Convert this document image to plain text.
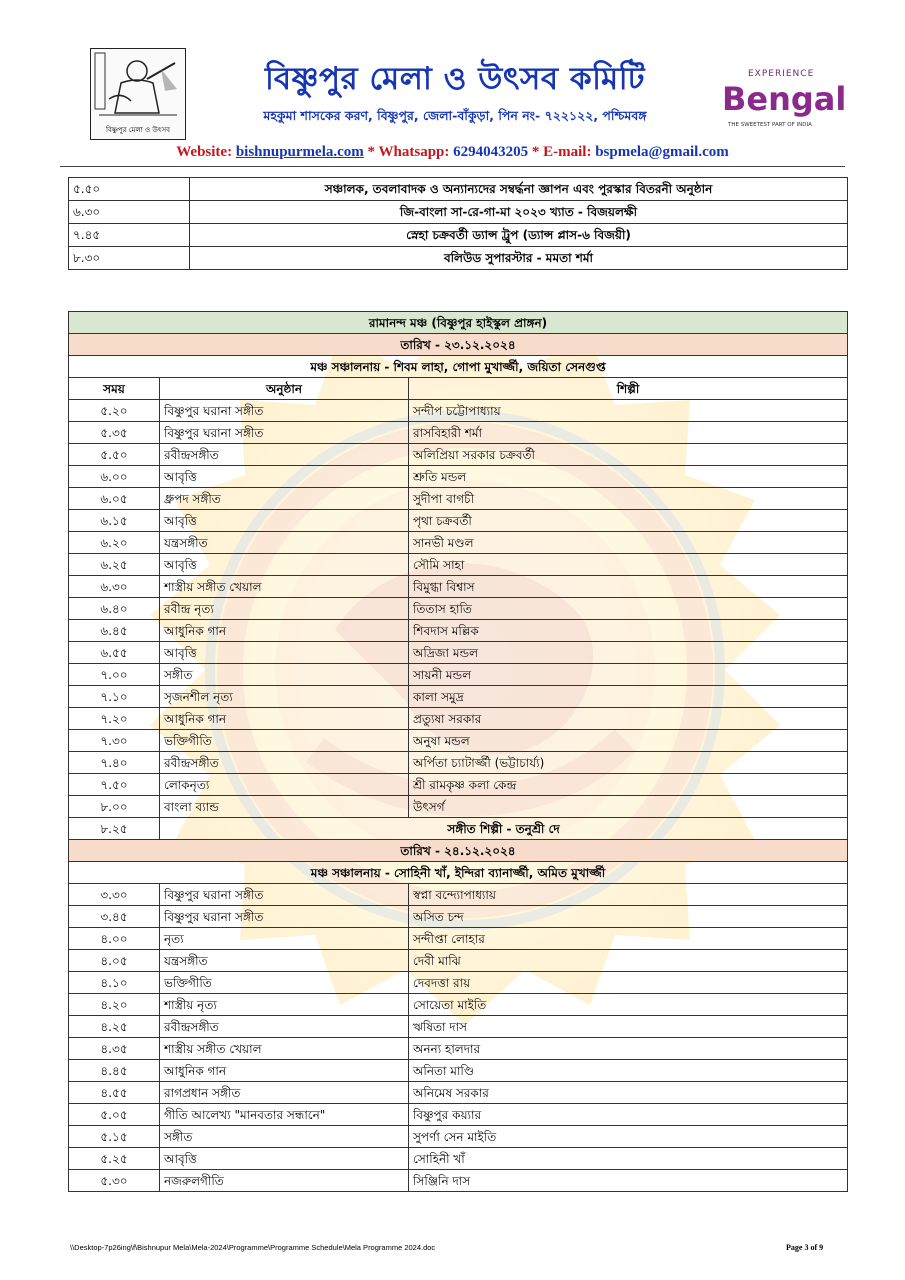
বিষ্ণুপুর মেলা ও উৎসব
বিষ্ণুপুর মেলা ও উৎসব কমিটি
মহকুমা শাসকের করণ, বিষ্ণুপুর, জেলা-বাঁকুড়া, পিন নং- ৭২২১২২, পশ্চিমবঙ্গ
EXPERIENCE
Bengal
THE SWEETEST PART OF INDIA
Website: bishnupurmela.com * Whatsapp: 6294043205 * E-mail: bspmela@gmail.com
৫.৫০	সঞ্চালক, তবলাবাদক ও অন্যান্যদের সম্বর্দ্ধনা জ্ঞাপন এবং পুরস্কার বিতরনী অনুষ্ঠান
৬.৩০	জি-বাংলা সা-রে-গা-মা ২০২৩ খ্যাত - বিজয়লক্ষী
৭.৪৫	স্নেহা চক্রবর্তী ড্যান্স ট্রুপ (ড্যান্স প্লাস-৬ বিজয়ী)
৮.৩০	বলিউড সুপারস্টার - মমতা শর্মা
রামানন্দ মঞ্চ (বিষ্ণুপুর হাইস্কুল প্রাঙ্গন)		
তারিখ - ২৩.১২.২০২৪		
মঞ্চ সঞ্চালনায় - শিবম লাহা, গোপা মুখার্জ্জী, জয়িতা সেনগুপ্ত		
সময়	অনুষ্ঠান	শিল্পী
৫.২০	বিষ্ণুপুর ঘরানা সঙ্গীত	সন্দীপ চট্টোপাধ্যায়
৫.৩৫	বিষ্ণুপুর ঘরানা সঙ্গীত	রাসবিহারী শর্মা
৫.৫০	রবীন্দ্রসঙ্গীত	অলিপ্রিয়া সরকার চক্রবর্তী
৬.০০	আবৃত্তি	শ্রুতি মন্ডল
৬.০৫	ধ্রুপদ সঙ্গীত	সুদীপা বাগচী
৬.১৫	আবৃত্তি	পৃথা চক্রবর্তী
৬.২০	যন্ত্রসঙ্গীত	সানভী মণ্ডল
৬.২৫	আবৃত্তি	সৌমি সাহা
৬.৩০	শাস্ত্রীয় সঙ্গীত খেয়াল	বিমুগ্ধা বিশ্বাস
৬.৪০	রবীন্দ্র নৃত্য	তিতাস হাতি
৬.৪৫	আধুনিক গান	শিবদাস মল্লিক
৬.৫৫	আবৃত্তি	অদ্রিজা মন্ডল
৭.০০	সঙ্গীত	সায়নী মন্ডল
৭.১০	সৃজনশীল নৃত্য	কালা সমুদ্র
৭.২০	আধুনিক গান	প্রত্যুষা সরকার
৭.৩০	ভক্তিগীতি	অনুষা মন্ডল
৭.৪০	রবীন্দ্রসঙ্গীত	অর্পিতা চ্যাটার্জ্জী (ভট্টাচার্য্য)
৭.৫০	লোকনৃত্য	শ্রী রামকৃষ্ণ কলা কেন্দ্র
৮.০০	বাংলা ব্যান্ড	উৎসর্গ
৮.২৫	সঙ্গীত শিল্পী - তনুশ্রী দে	
তারিখ - ২৪.১২.২০২৪		
মঞ্চ সঞ্চালনায় - সোহিনী খাঁ, ইন্দিরা ব্যানার্জ্জী, অমিত মুখার্জ্জী		
৩.৩০	বিষ্ণুপুর ঘরানা সঙ্গীত	স্বপ্না বন্দ্যোপাধ্যায়
৩.৪৫	বিষ্ণুপুর ঘরানা সঙ্গীত	অসিত চন্দ
৪.০০	নৃত্য	সন্দীপ্তা লোহার
৪.০৫	যন্ত্রসঙ্গীত	দেবী মাঝি
৪.১০	ভক্তিগীতি	দেবদত্তা রায়
৪.২০	শাস্ত্রীয় নৃত্য	সোয়েতা মাইতি
৪.২৫	রবীন্দ্রসঙ্গীত	ঋষিতা দাস
৪.৩৫	শাস্ত্রীয় সঙ্গীত খেয়াল	অনন্য হালদার
৪.৪৫	আধুনিক গান	অনিতা মাণ্ডি
৪.৫৫	রাগপ্রধান সঙ্গীত	অনিমেষ সরকার
৫.০৫	গীতি আলেখ্য "মানবতার সন্ধানে"	বিষ্ণুপুর কয়্যার
৫.১৫	সঙ্গীত	সুপর্ণা সেন মাইতি
৫.২৫	আবৃত্তি	সোহিনী খাঁ
৫.৩০	নজরুলগীতি	সিঞ্জিনি দাস
\\Desktop-7p26ing\f\Bishnupur Mela\Mela-2024\Programme\Programme Schedule\Mela Programme 2024.doc	Page 3 of 9
